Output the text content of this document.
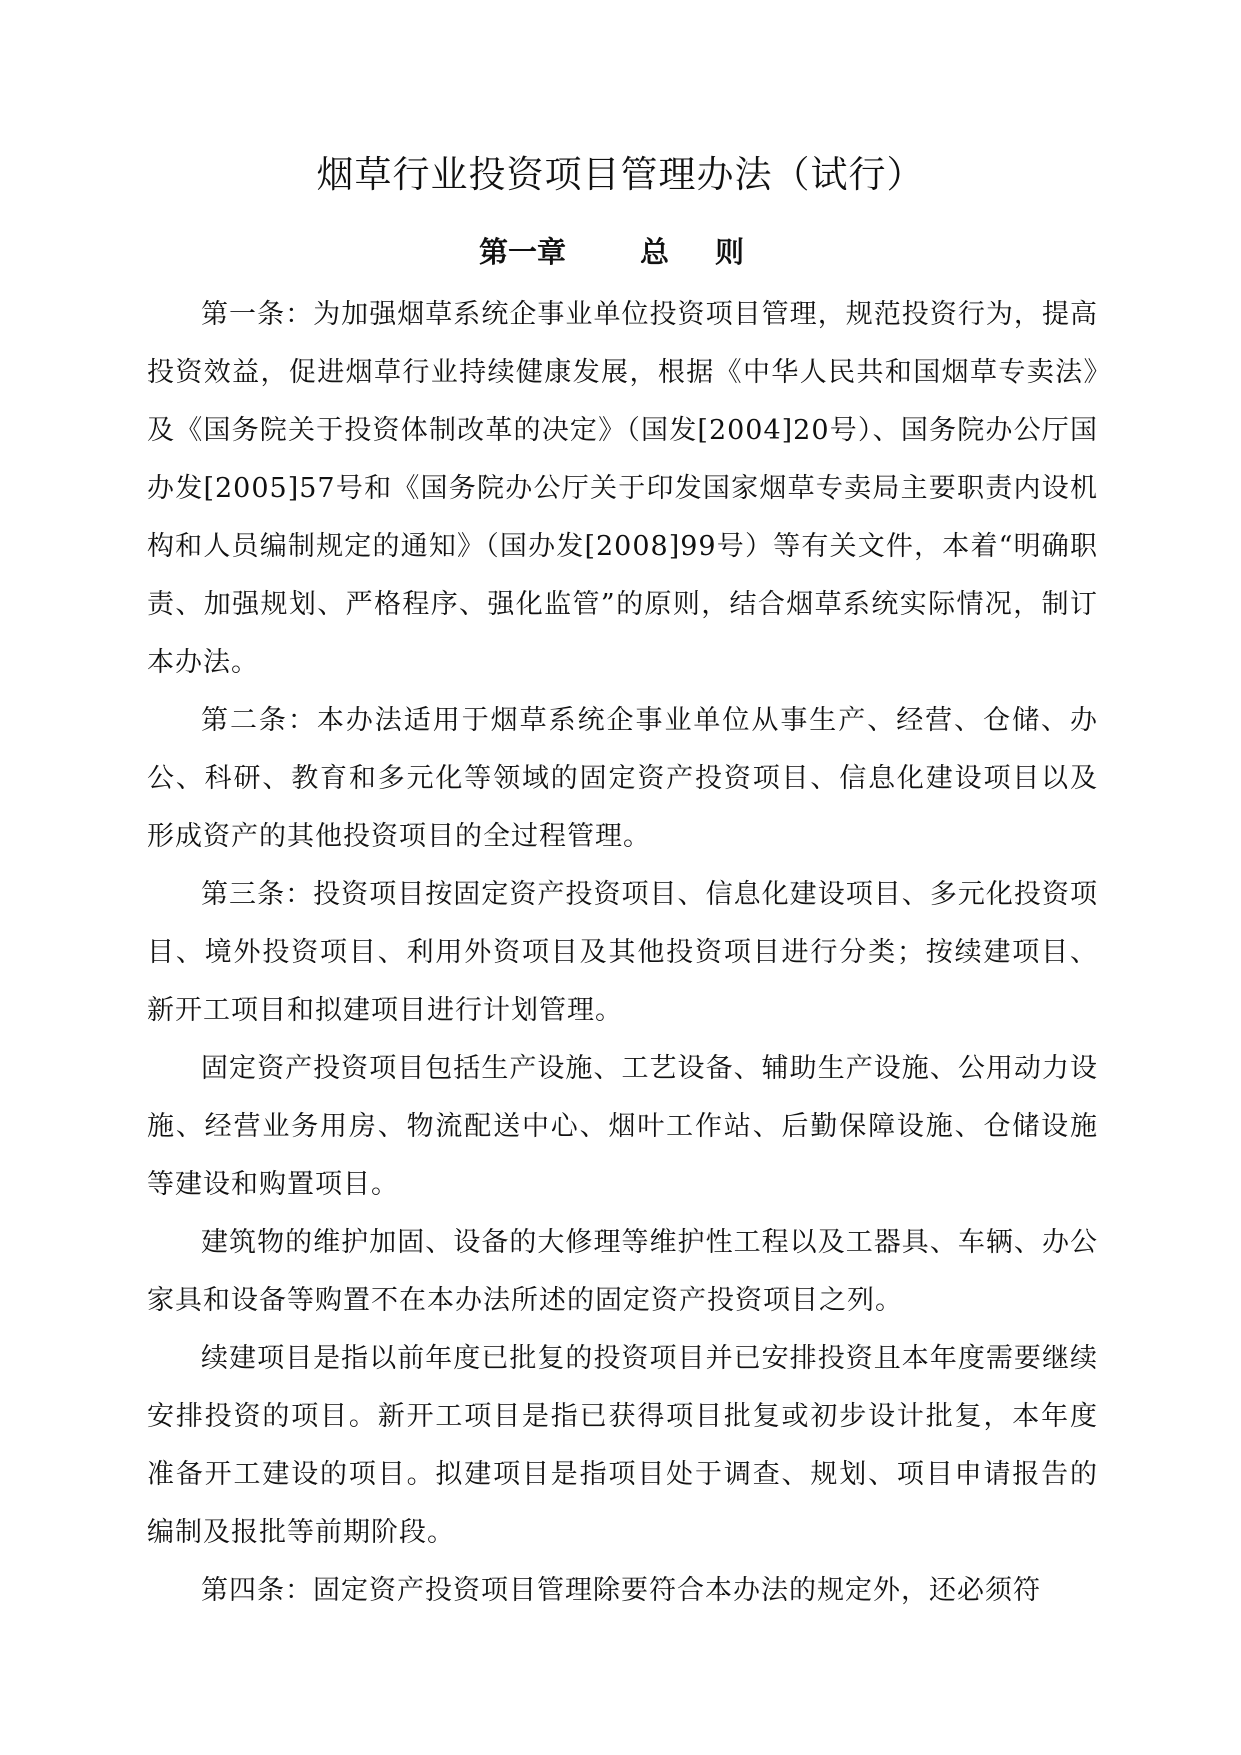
烟草行业投资项目管理办法（试行）
第一章	总 则

第一条：为加强烟草系统企事业单位投资项目管理，规范投资行为，提高投资效益，促进烟草行业持续健康发展，根据《中华人民共和国烟草专卖法》及《国务院关于投资体制改革的决定》（国发[2004]20号）、国务院办公厅国办发[2005]57号和《国务院办公厅关于印发国家烟草专卖局主要职责内设机构和人员编制规定的通知》（国办发[2008]99号）等有关文件，本着“明确职责、加强规划、严格程序、强化监管”的原则，结合烟草系统实际情况，制订本办法。

第二条：本办法适用于烟草系统企事业单位从事生产、经营、仓储、办公、科研、教育和多元化等领域的固定资产投资项目、信息化建设项目以及形成资产的其他投资项目的全过程管理。

第三条：投资项目按固定资产投资项目、信息化建设项目、多元化投资项目、境外投资项目、利用外资项目及其他投资项目进行分类；按续建项目、新开工项目和拟建项目进行计划管理。

固定资产投资项目包括生产设施、工艺设备、辅助生产设施、公用动力设施、经营业务用房、物流配送中心、烟叶工作站、后勤保障设施、仓储设施等建设和购置项目。

建筑物的维护加固、设备的大修理等维护性工程以及工器具、车辆、办公家具和设备等购置不在本办法所述的固定资产投资项目之列。

续建项目是指以前年度已批复的投资项目并已安排投资且本年度需要继续安排投资的项目。新开工项目是指已获得项目批复或初步设计批复，本年度准备开工建设的项目。拟建项目是指项目处于调查、规划、项目申请报告的编制及报批等前期阶段。

第四条：固定资产投资项目管理除要符合本办法的规定外，还必须符
